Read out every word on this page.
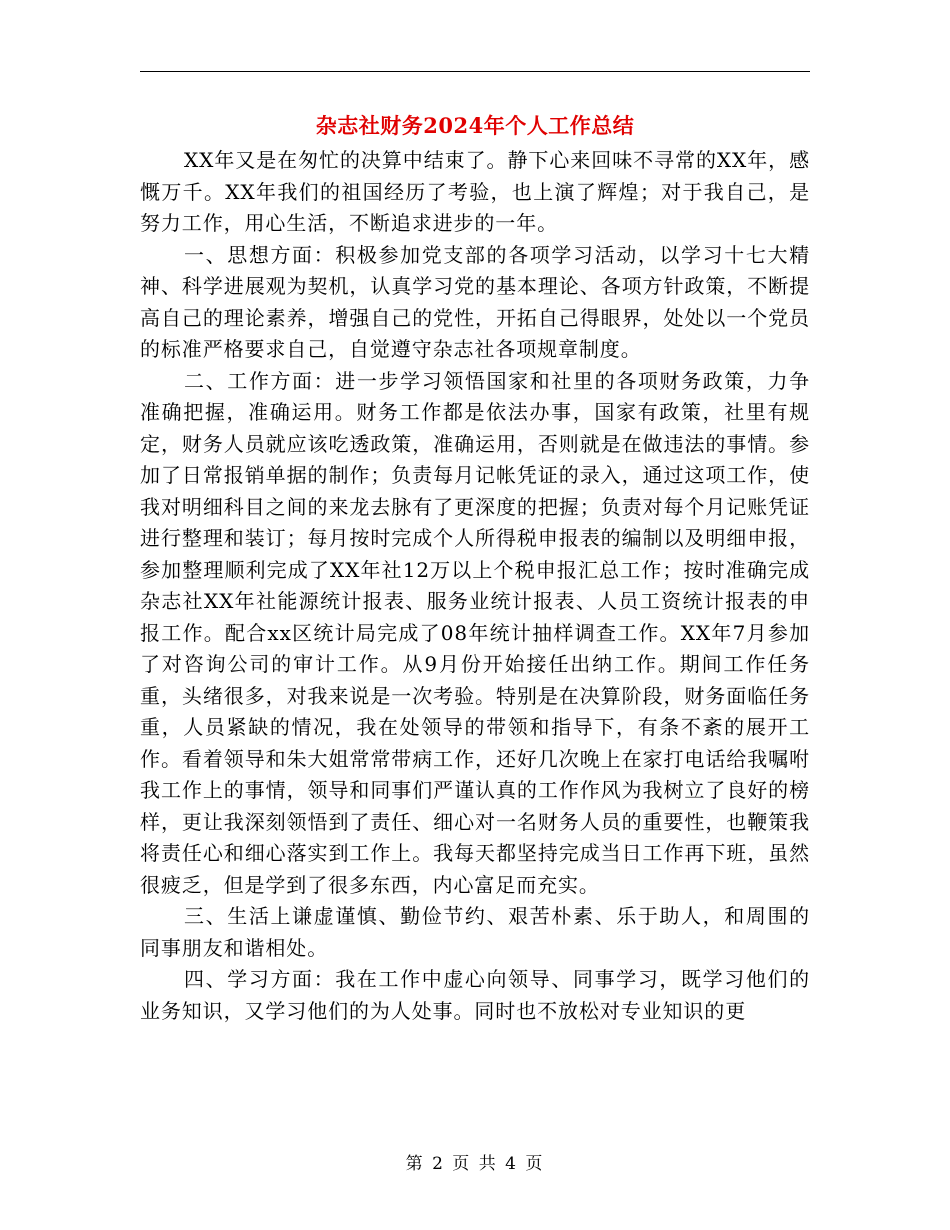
杂志社财务2024年个人工作总结

XX年又是在匆忙的决算中结束了。静下心来回味不寻常的XX年，感慨万千。XX年我们的祖国经历了考验，也上演了辉煌；对于我自己，是努力工作，用心生活，不断追求进步的一年。

一、思想方面：积极参加党支部的各项学习活动，以学习十七大精神、科学进展观为契机，认真学习党的基本理论、各项方针政策，不断提高自己的理论素养，增强自己的党性，开拓自己得眼界，处处以一个党员的标准严格要求自己，自觉遵守杂志社各项规章制度。

二、工作方面：进一步学习领悟国家和社里的各项财务政策，力争准确把握，准确运用。财务工作都是依法办事，国家有政策，社里有规定，财务人员就应该吃透政策，准确运用，否则就是在做违法的事情。参加了日常报销单据的制作；负责每月记帐凭证的录入，通过这项工作，使我对明细科目之间的来龙去脉有了更深度的把握；负责对每个月记账凭证进行整理和装订；每月按时完成个人所得税申报表的编制以及明细申报，参加整理顺利完成了XX年社12万以上个税申报汇总工作；按时准确完成杂志社XX年社能源统计报表、服务业统计报表、人员工资统计报表的申报工作。配合xx区统计局完成了08年统计抽样调查工作。XX年7月参加了对咨询公司的审计工作。从9月份开始接任出纳工作。期间工作任务重，头绪很多，对我来说是一次考验。特别是在决算阶段，财务面临任务重，人员紧缺的情况，我在处领导的带领和指导下，有条不紊的展开工作。看着领导和朱大姐常常带病工作，还好几次晚上在家打电话给我嘱咐我工作上的事情，领导和同事们严谨认真的工作作风为我树立了良好的榜样，更让我深刻领悟到了责任、细心对一名财务人员的重要性，也鞭策我将责任心和细心落实到工作上。我每天都坚持完成当日工作再下班，虽然很疲乏，但是学到了很多东西，内心富足而充实。

三、生活上谦虚谨慎、勤俭节约、艰苦朴素、乐于助人，和周围的同事朋友和谐相处。

四、学习方面：我在工作中虚心向领导、同事学习，既学习他们的业务知识，又学习他们的为人处事。同时也不放松对专业知识的更

第 2 页 共 4 页
